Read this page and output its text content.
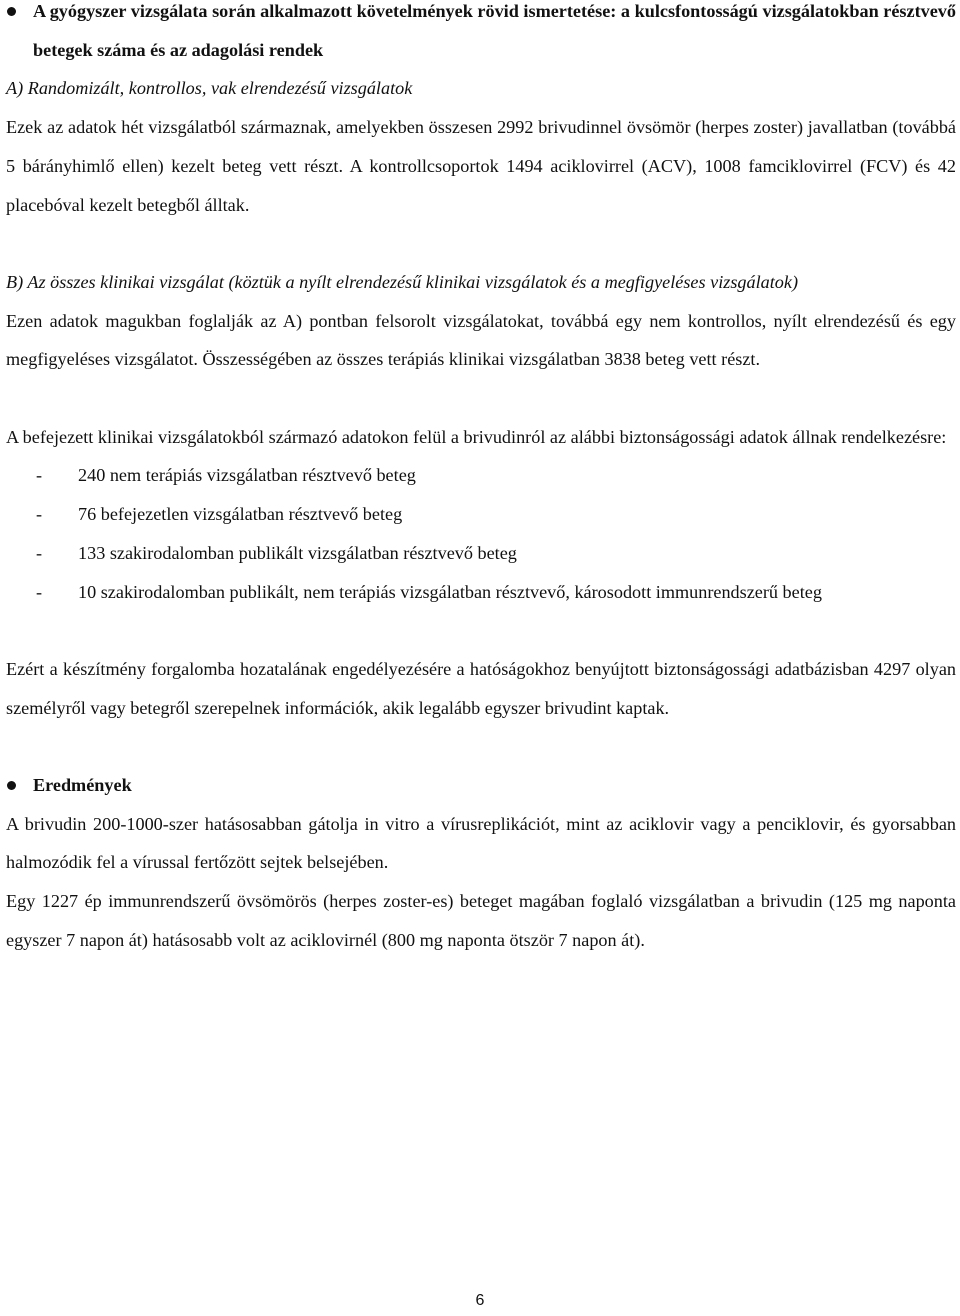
A gyógyszer vizsgálata során alkalmazott követelmények rövid ismertetése: a kulcsfontosságú vizsgálatokban résztvevő betegek száma és az adagolási rendek

A) Randomizált, kontrollos, vak elrendezésű vizsgálatok

Ezek az adatok hét vizsgálatból származnak, amelyekben összesen 2992 brivudinnel övsömör (herpes zoster) javallatban (továbbá 5 bárányhimlő ellen) kezelt beteg vett részt. A kontrollcsoportok 1494 aciklovirrel (ACV), 1008 famciklovirrel (FCV) és 42 placebóval kezelt betegből álltak.

B) Az összes klinikai vizsgálat (köztük a nyílt elrendezésű klinikai vizsgálatok és a megfigyeléses vizsgálatok)

Ezen adatok magukban foglalják az A) pontban felsorolt vizsgálatokat, továbbá egy nem kontrollos, nyílt elrendezésű és egy megfigyeléses vizsgálatot. Összességében az összes terápiás klinikai vizsgálatban 3838 beteg vett részt.

A befejezett klinikai vizsgálatokból származó adatokon felül a brivudinról az alábbi biztonságossági adatok állnak rendelkezésre:

- 240 nem terápiás vizsgálatban résztvevő beteg
- 76 befejezetlen vizsgálatban résztvevő beteg
- 133 szakirodalomban publikált vizsgálatban résztvevő beteg
- 10 szakirodalomban publikált, nem terápiás vizsgálatban résztvevő, károsodott immunrendszerű beteg

Ezért a készítmény forgalomba hozatalának engedélyezésére a hatóságokhoz benyújtott biztonságossági adatbázisban 4297 olyan személyről vagy betegről szerepelnek információk, akik legalább egyszer brivudint kaptak.

Eredmények

A brivudin 200-1000-szer hatásosabban gátolja in vitro a vírusreplikációt, mint az aciklovir vagy a penciklovir, és gyorsabban halmozódik fel a vírussal fertőzött sejtek belsejében.

Egy 1227 ép immunrendszerű övsömörös (herpes zoster-es) beteget magában foglaló vizsgálatban a brivudin (125 mg naponta egyszer 7 napon át) hatásosabb volt az aciklovirnél (800 mg naponta ötször 7 napon át).

6
